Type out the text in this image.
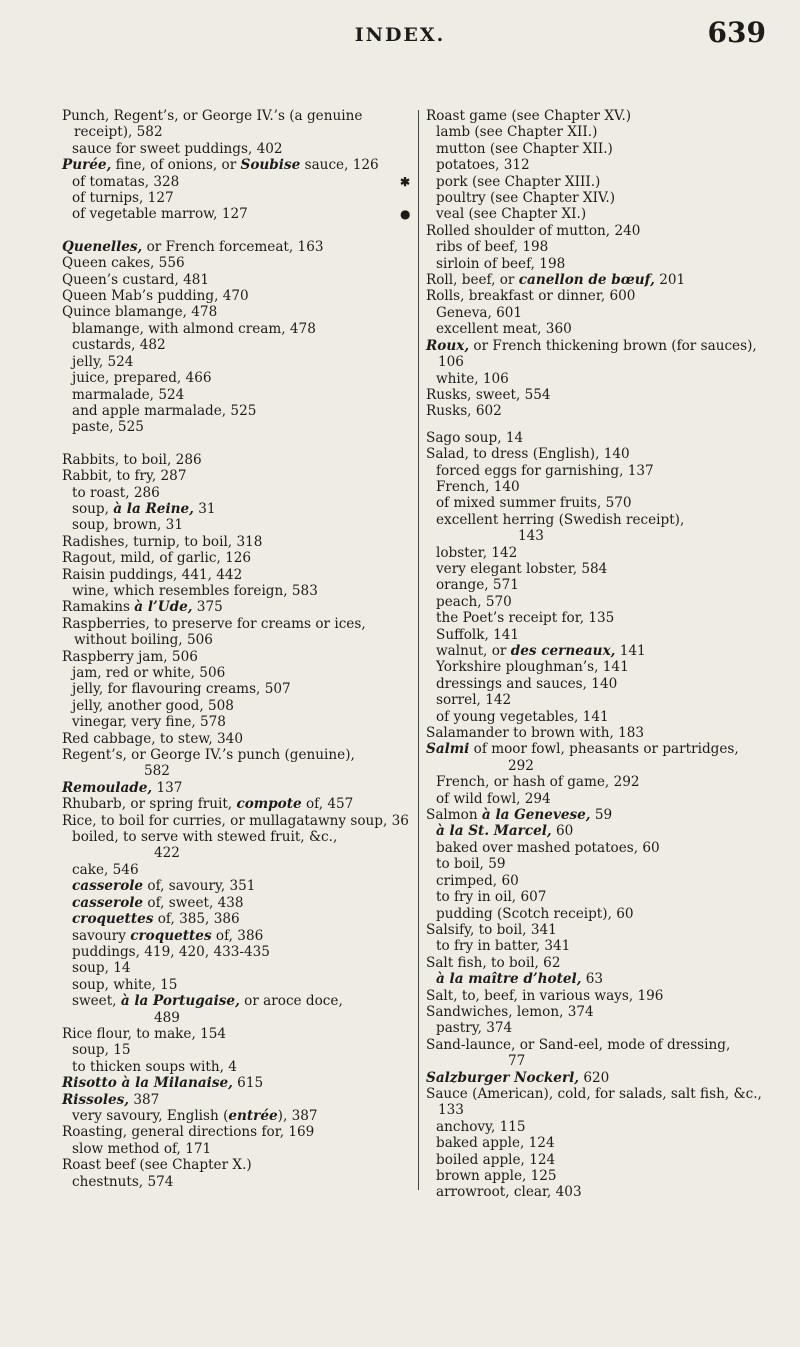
INDEX.	639
Punch, Regent’s, or George IV.’s (a genuine receipt), 582
sauce for sweet puddings, 402
Purée, fine, of onions, or Soubise sauce, 126
of tomatas, 328
of turnips, 127
of vegetable marrow, 127
Quenelles, or French forcemeat, 163
Queen cakes, 556
Queen’s custard, 481
Queen Mab’s pudding, 470
Quince blamange, 478
blamange, with almond cream, 478
custards, 482
jelly, 524
juice, prepared, 466
marmalade, 524
and apple marmalade, 525
paste, 525
Rabbits, to boil, 286
Rabbit, to fry, 287
to roast, 286
soup, à la Reine, 31
soup, brown, 31
Radishes, turnip, to boil, 318
Ragout, mild, of garlic, 126
Raisin puddings, 441, 442
wine, which resembles foreign, 583
Ramakins à l’Ude, 375
Raspberries, to preserve for creams or ices, without boiling, 506
Raspberry jam, 506
jam, red or white, 506
jelly, for flavouring creams, 507
jelly, another good, 508
vinegar, very fine, 578
Red cabbage, to stew, 340
Regent’s, or George IV.’s punch (genuine),
582
Remoulade, 137
Rhubarb, or spring fruit, compote of, 457
Rice, to boil for curries, or mullagatawny soup, 36
boiled, to serve with stewed fruit, &c.,
422
cake, 546
casserole of, savoury, 351
casserole of, sweet, 438
croquettes of, 385, 386
savoury croquettes of, 386
puddings, 419, 420, 433-435
soup, 14
soup, white, 15
sweet, à la Portugaise, or aroce doce,
489
Rice flour, to make, 154
soup, 15
to thicken soups with, 4
Risotto à la Milanaise, 615
Rissoles, 387
very savoury, English (entrée), 387
Roasting, general directions for, 169
slow method of, 171
Roast beef (see Chapter X.)
chestnuts, 574
Roast game (see Chapter XV.)
lamb (see Chapter XII.)
mutton (see Chapter XII.)
potatoes, 312
✱ pork (see Chapter XIII.)
poultry (see Chapter XIV.)
● veal (see Chapter XI.)
Rolled shoulder of mutton, 240
ribs of beef, 198
sirloin of beef, 198
Roll, beef, or canellon de bœuf, 201
Rolls, breakfast or dinner, 600
Geneva, 601
excellent meat, 360
Roux, or French thickening brown (for sauces), 106
white, 106
Rusks, sweet, 554
Rusks, 602
Sago soup, 14
Salad, to dress (English), 140
forced eggs for garnishing, 137
French, 140
of mixed summer fruits, 570
excellent herring (Swedish receipt),
143
lobster, 142
very elegant lobster, 584
orange, 571
peach, 570
the Poet’s receipt for, 135
Suffolk, 141
walnut, or des cerneaux, 141
Yorkshire ploughman’s, 141
dressings and sauces, 140
sorrel, 142
of young vegetables, 141
Salamander to brown with, 183
Salmi of moor fowl, pheasants or partridges,
292
French, or hash of game, 292
of wild fowl, 294
Salmon à la Genevese, 59
à la St. Marcel, 60
baked over mashed potatoes, 60
to boil, 59
crimped, 60
to fry in oil, 607
pudding (Scotch receipt), 60
Salsify, to boil, 341
to fry in batter, 341
Salt fish, to boil, 62
à la maître d’hotel, 63
Salt, to, beef, in various ways, 196
Sandwiches, lemon, 374
pastry, 374
Sand-launce, or Sand-eel, mode of dressing,
77
Salzburger Nockerl, 620
Sauce (American), cold, for salads, salt fish, &c., 133
anchovy, 115
baked apple, 124
boiled apple, 124
brown apple, 125
arrowroot, clear, 403
